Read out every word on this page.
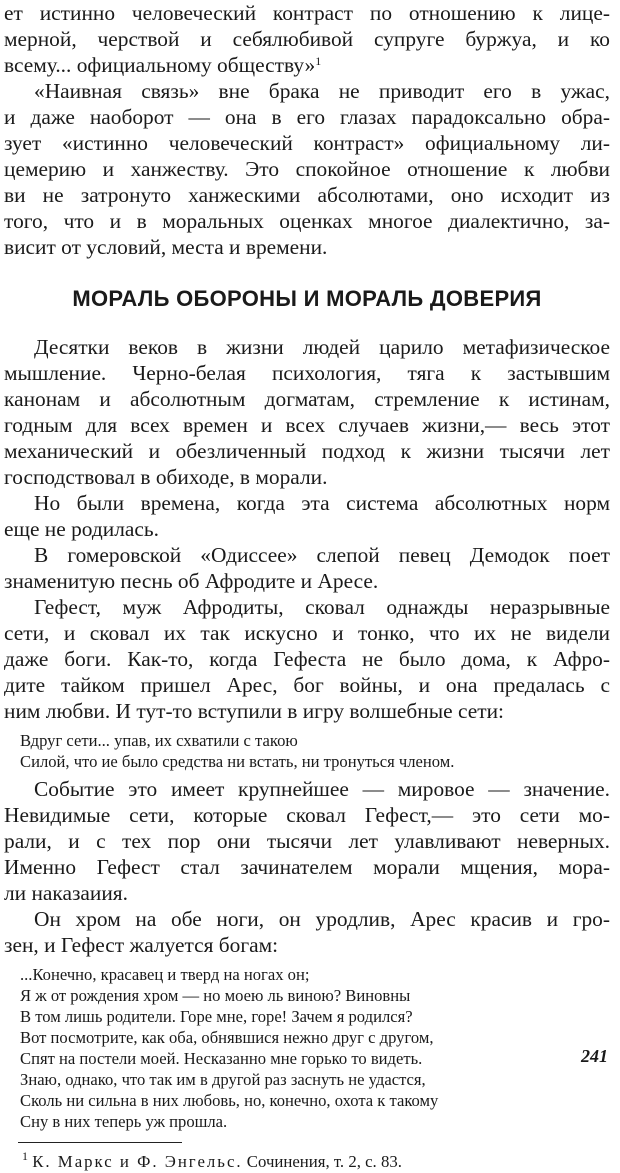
ет истинно человеческий контраст по отношению к лице-
мерной, черствой и себялюбивой супруге буржуа, и ко
всему... официальному обществу»$^1$
«Наивная связь» вне брака не приводит его в ужас,
и даже наоборот — она в его глазах парадоксально обра-
зует «истинно человеческий контраст» официальному ли-
цемерию и ханжеству. Это спокойное отношение к любви
ви не затронуто ханжескими абсолютами, оно исходит из
того, что и в моральных оценках многое диалектично, за-
висит от условий, места и времени.
МОРАЛЬ ОБОРОНЫ И МОРАЛЬ ДОВЕРИЯ
Десятки веков в жизни людей царило метафизическое
мышление. Черно-белая психология, тяга к застывшим
канонам и абсолютным догматам, стремление к истинам,
годным для всех времен и всех случаев жизни,— весь этот
механический и обезличенный подход к жизни тысячи лет
господствовал в обиходе, в морали.
Но были времена, когда эта система абсолютных норм
еще не родилась.
В гомеровской «Одиссее» слепой певец Демодок поет
знаменитую песнь об Афродите и Аресе.
Гефест, муж Афродиты, сковал однажды неразрывные
сети, и сковал их так искусно и тонко, что их не видели
даже боги. Как-то, когда Гефеста не было дома, к Афро-
дите тайком пришел Арес, бог войны, и она предалась с
ним любви. И тут-то вступили в игру волшебные сети:
Вдруг сети... упав, их схватили с такою
Силой, что ие было средства ни встать, ни тронуться членом.
Событие это имеет крупнейшее — мировое — значение.
Невидимые сети, которые сковал Гефест,— это сети мо-
рали, и с тех пор они тысячи лет улавливают неверных.
Именно Гефест стал зачинателем морали мщения, мора-
ли наказаиия.
Он хром на обе ноги, он уродлив, Арес красив и гро-
зен, и Гефест жалуется богам:
...Конечно, красавец и тверд на ногах он;
Я ж от рождения хром — но моею ль виною? Виновны
В том лишь родители. Горе мне, горе! Зачем я родился?
Вот посмотрите, как оба, обнявшися нежно друг с другом,
Спят на постели моей. Несказанно мне горько то видеть.
Знаю, однако, что так им в другой раз заснуть не удастся,
Сколь ни сильна в них любовь, но, конечно, охота к такому
Сну в них теперь уж прошла.
$^1$ К. Маркс и Ф. Энгельс. Сочинения, т. 2, с. 83.
241
